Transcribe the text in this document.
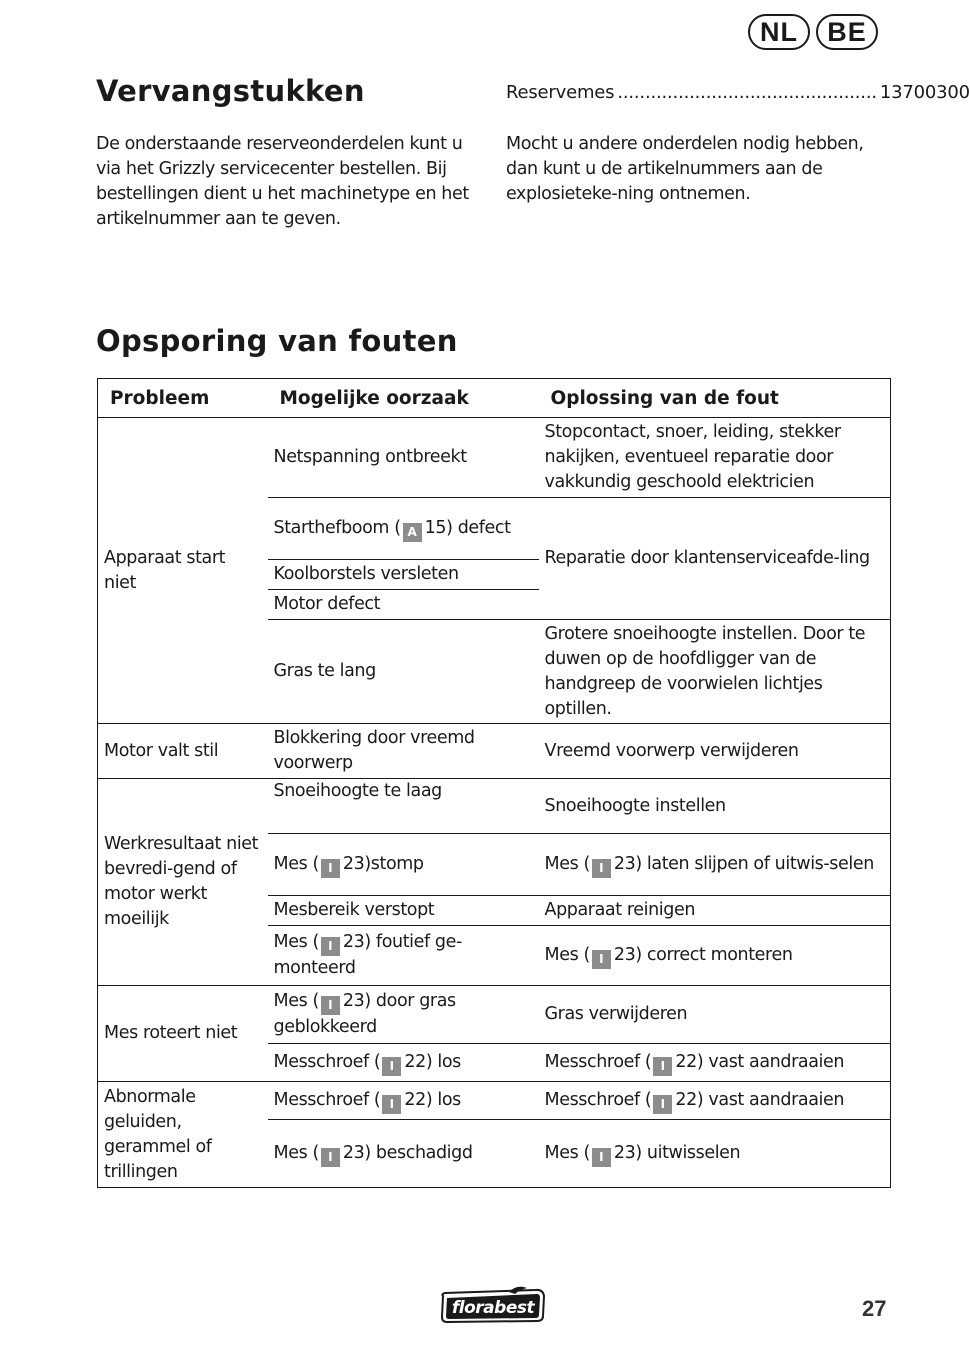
NL	BE
Vervangstukken
De onderstaande reserveonderdelen kunt u via het Grizzly servicecenter bestellen. Bij bestellingen dient u het machinetype en het artikelnummer aan te geven.
Reservemes ............................................... 13700300
Mocht u andere onderdelen nodig hebben, dan kunt u de artikelnummers aan de explosieteke-ning ontnemen.
Opsporing van fouten
Probleem	Mogelijke oorzaak	Oplossing van de fout
Apparaat start niet	Netspanning ontbreekt	Stopcontact, snoer, leiding, stekker nakijken, eventueel reparatie door vakkundig geschoold elektricien
	Starthefboom ( A 15) defect	Reparatie door klantenserviceafde-ling
	Koolborstels versleten	
	Motor defect	
	Gras te lang	Grotere snoeihoogte instellen. Door te duwen op de hoofdligger van de handgreep de voorwielen lichtjes optillen.
Motor valt stil	Blokkering door vreemd voorwerp	Vreemd voorwerp verwijderen
Werkresultaat niet bevredi-gend of motor werkt moeilijk	Snoeihoogte te laag	Snoeihoogte instellen
	Mes ( I 23)stomp	Mes ( I 23) laten slijpen of uitwis-selen
	Mesbereik verstopt	Apparaat reinigen
	Mes ( I 23) foutief ge-monteerd	Mes ( I 23) correct monteren
Mes roteert niet	Mes ( I 23) door gras geblokkeerd	Gras verwijderen
	Messchroef ( I 22) los	Messchroef ( I 22) vast aandraaien
Abnormale geluiden, gerammel of trillingen	Messchroef ( I 22) los	Messchroef ( I 22) vast aandraaien
	Mes ( I 23) beschadigd	Mes ( I 23) uitwisselen
florabest	27
